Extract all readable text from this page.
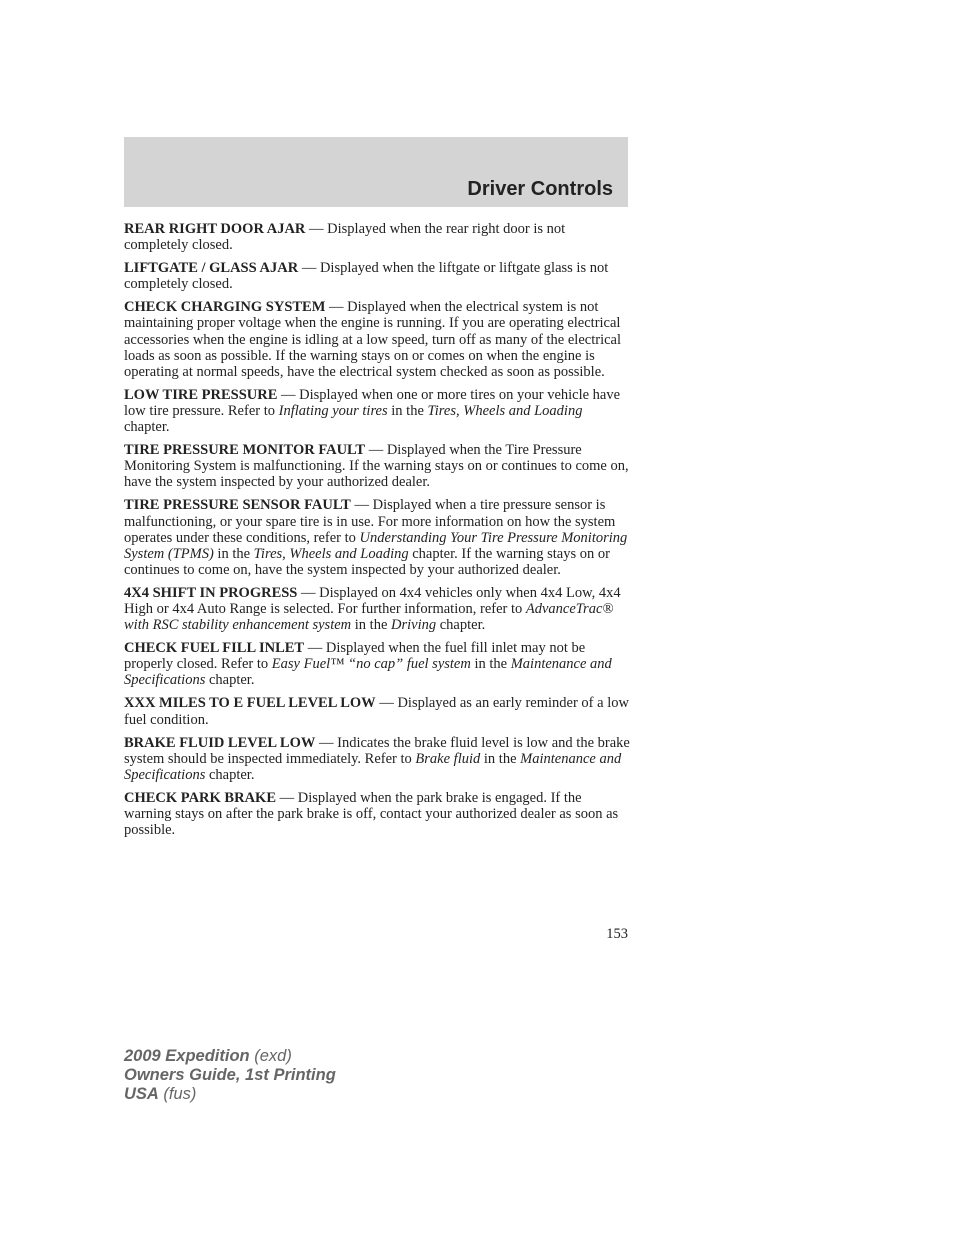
Driver Controls

REAR RIGHT DOOR AJAR — Displayed when the rear right door is not completely closed.

LIFTGATE / GLASS AJAR — Displayed when the liftgate or liftgate glass is not completely closed.

CHECK CHARGING SYSTEM — Displayed when the electrical system is not maintaining proper voltage when the engine is running. If you are operating electrical accessories when the engine is idling at a low speed, turn off as many of the electrical loads as soon as possible. If the warning stays on or comes on when the engine is operating at normal speeds, have the electrical system checked as soon as possible.

LOW TIRE PRESSURE — Displayed when one or more tires on your vehicle have low tire pressure. Refer to Inflating your tires in the Tires, Wheels and Loading chapter.

TIRE PRESSURE MONITOR FAULT — Displayed when the Tire Pressure Monitoring System is malfunctioning. If the warning stays on or continues to come on, have the system inspected by your authorized dealer.

TIRE PRESSURE SENSOR FAULT — Displayed when a tire pressure sensor is malfunctioning, or your spare tire is in use. For more information on how the system operates under these conditions, refer to Understanding Your Tire Pressure Monitoring System (TPMS) in the Tires, Wheels and Loading chapter. If the warning stays on or continues to come on, have the system inspected by your authorized dealer.

4X4 SHIFT IN PROGRESS — Displayed on 4x4 vehicles only when 4x4 Low, 4x4 High or 4x4 Auto Range is selected. For further information, refer to AdvanceTrac® with RSC stability enhancement system in the Driving chapter.

CHECK FUEL FILL INLET — Displayed when the fuel fill inlet may not be properly closed. Refer to Easy Fuel™ “no cap” fuel system in the Maintenance and Specifications chapter.

XXX MILES TO E FUEL LEVEL LOW — Displayed as an early reminder of a low fuel condition.

BRAKE FLUID LEVEL LOW — Indicates the brake fluid level is low and the brake system should be inspected immediately. Refer to Brake fluid in the Maintenance and Specifications chapter.

CHECK PARK BRAKE — Displayed when the park brake is engaged. If the warning stays on after the park brake is off, contact your authorized dealer as soon as possible.

153
2009 Expedition (exd)
Owners Guide, 1st Printing
USA (fus)
